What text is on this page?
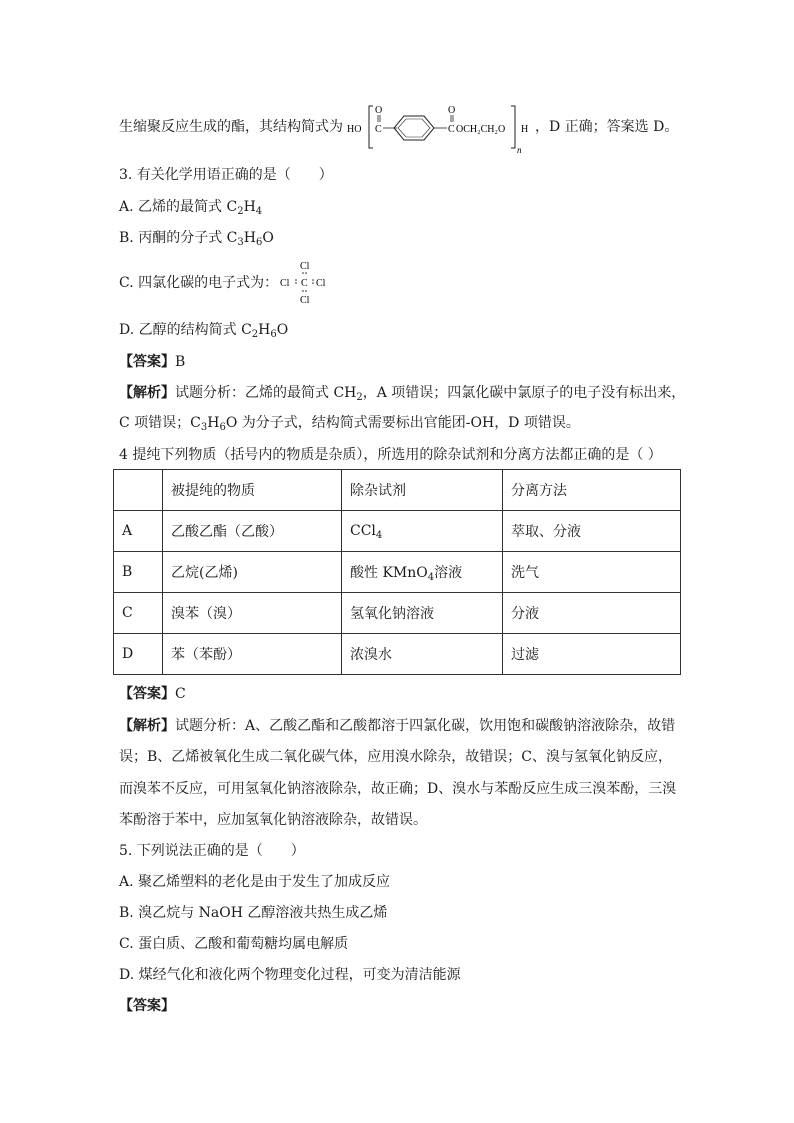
生缩聚反应生成的酯，其结构简式为 HO
O
C
O
C OCH₂CH₂O H
n
，D 正确；答案选 D。
3. 有关化学用语正确的是（　　）
A. 乙烯的最简式 $C_2H_4$
B. 丙酮的分子式 $C_3H_6O$
C. 四氯化碳的电子式为：
Cl
Cl C Cl
Cl
D. 乙醇的结构简式 $C_2H_6O$
【答案】B
【解析】试题分析：乙烯的最简式 $CH_2$，A 项错误；四氯化碳中氯原子的电子没有标出来，
C 项错误；$C_3H_6O$ 为分子式，结构简式需要标出官能团-OH，D 项错误。
4 提纯下列物质（括号内的物质是杂质），所选用的除杂试剂和分离方法都正确的是（ ）
	被提纯的物质	除杂试剂	分离方法
A	乙酸乙酯（乙酸）	CCl$_4$	萃取、分液
B	乙烷(乙烯)	酸性 KMnO$_4$溶液	洗气
C	溴苯（溴）	氢氧化钠溶液	分液
D	苯（苯酚）	浓溴水	过滤
【答案】C
【解析】试题分析：A、乙酸乙酯和乙酸都溶于四氯化碳，饮用饱和碳酸钠溶液除杂，故错
误；B、乙烯被氧化生成二氧化碳气体，应用溴水除杂，故错误；C、溴与氢氧化钠反应，
而溴苯不反应，可用氢氧化钠溶液除杂，故正确；D、溴水与苯酚反应生成三溴苯酚，三溴
苯酚溶于苯中，应加氢氧化钠溶液除杂，故错误。
5. 下列说法正确的是（　　）
A. 聚乙烯塑料的老化是由于发生了加成反应
B. 溴乙烷与 NaOH 乙醇溶液共热生成乙烯
C. 蛋白质、乙酸和葡萄糖均属电解质
D. 煤经气化和液化两个物理变化过程，可变为清洁能源
【答案】
